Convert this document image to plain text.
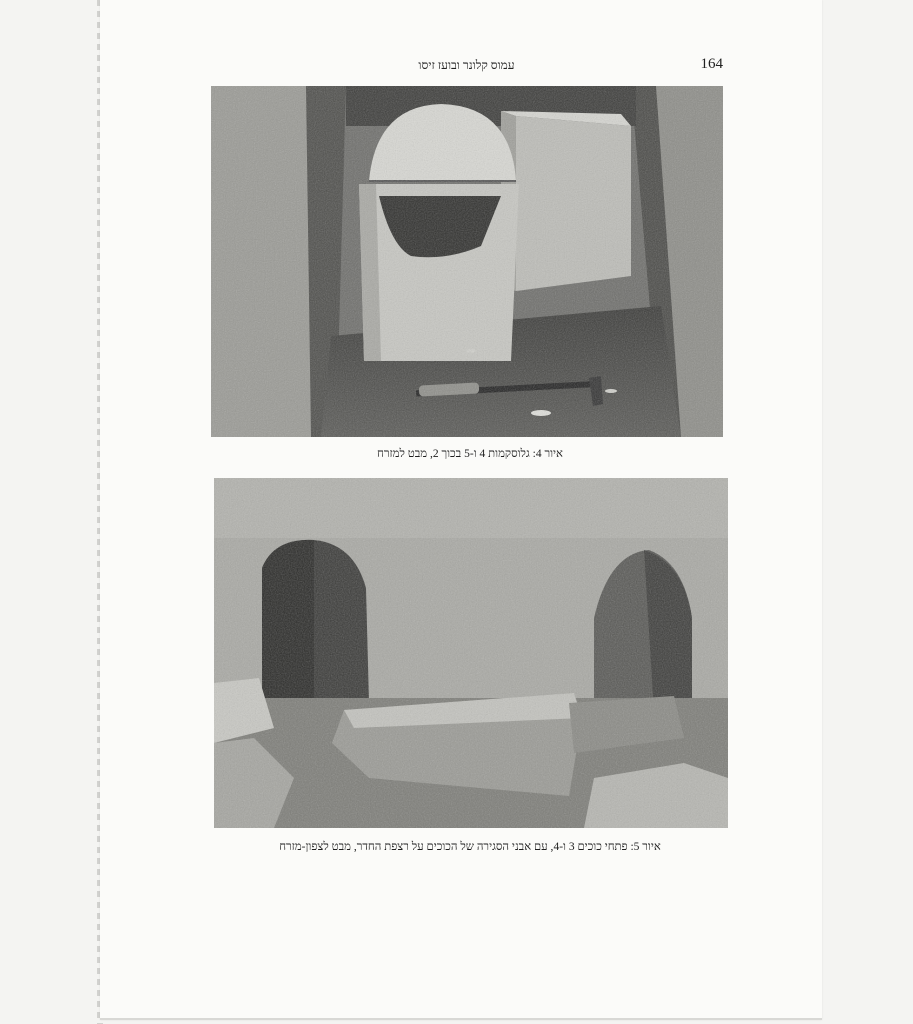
עמוס קלונר ובועז זיסו	164
איור 4: גלוסקמות 4 ו-5 בכוך 2, מבט למזרח
איור 5: פתחי כוכים 3 ו-4, עם אבני הסגירה של הכוכים על רצפת החדר, מבט לצפון-מזרח
